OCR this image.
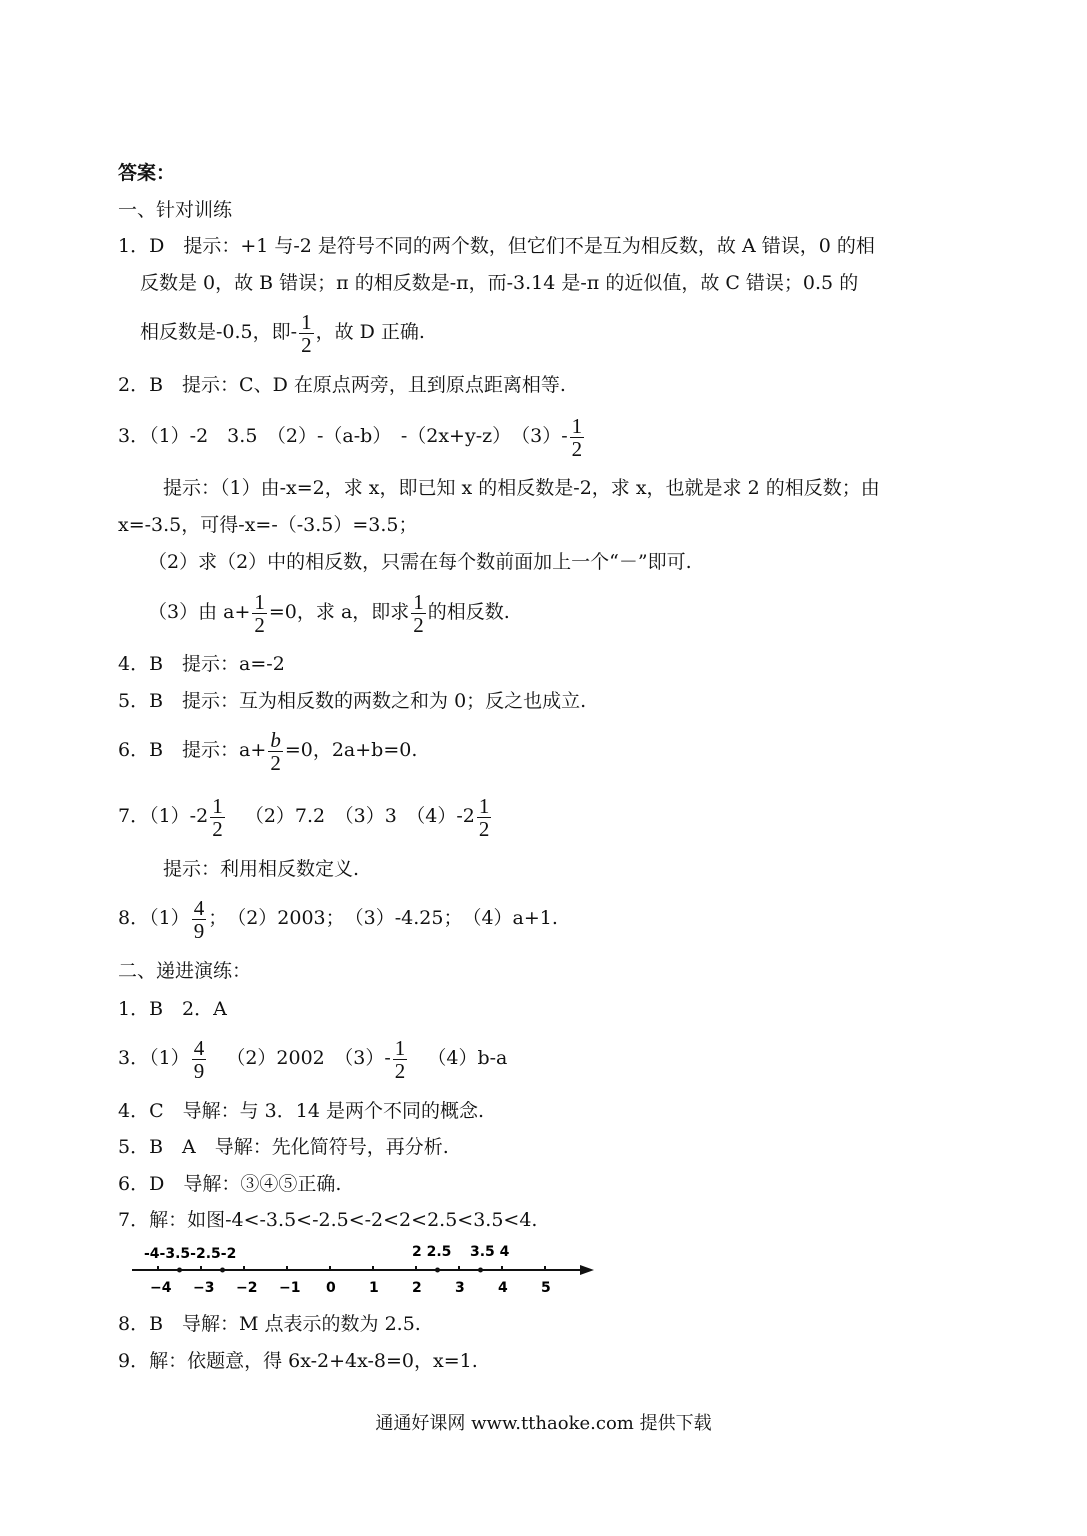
答案：
一、针对训练
1．D　提示：+1 与-2 是符号不同的两个数，但它们不是互为相反数，故 A 错误，0 的相
反数是 0，故 B 错误；π 的相反数是-π，而-3.14 是-π 的近似值，故 C 错误；0.5 的
相反数是-0.5，即- $\frac{1}{2}$ ，故 D 正确.
2．B　提示：C、D 在原点两旁，且到原点距离相等.
3．（1）-2　3.5　（2）-（a-b）　-（2x+y-z）　$(3)- \frac{1}{2}$
提示：（1）由-x=2，求 x，即已知 x 的相反数是-2，求 x，也就是求 2 的相反数；由
x=-3.5，可得-x=-（-3.5）=3.5；
（2）求（2）中的相反数，只需在每个数前面加上一个“－”即可.
（3）由 $a+ \frac{1}{2} =0$，求 a，即求 $\frac{1}{2}$ 的相反数.
4．B　提示：a=-2
5．B　提示：互为相反数的两数之和为 0；反之也成立.
6．B　提示：$a+ \frac{b}{2} =0$，2a+b=0.
7．$(1)-2 \frac{1}{2} (2)7.2$　（3）3　$(4)-2 \frac{1}{2}$
提示：利用相反数定义.
8．$(1) \frac{4}{9}$ ；　（2）2003；　（3）-4.25；　（4）a+1.
二、递进演练：
1．B　2．A
3．$(1) \frac{4}{9} (2)2002$　$(3)- \frac{1}{2} (4)b-a$
4．C　导解：与 3．14 是两个不同的概念.
5．B　A　导解：先化简符号，再分析.
6．D　导解：③④⑤正确.
7．解：如图-4<-3.5<-2.5<-2<2<2.5<3.5<4.
−4 −3 −2 −1 0 1 2 3 4 5
-4-3.5-2.5-2	2 2.5 3.5 4
8．B　导解：M 点表示的数为 2.5.
9．解：依题意，得 6x-2+4x-8=0，x=1.
通通好课网 www.tthaoke.com 提供下载
